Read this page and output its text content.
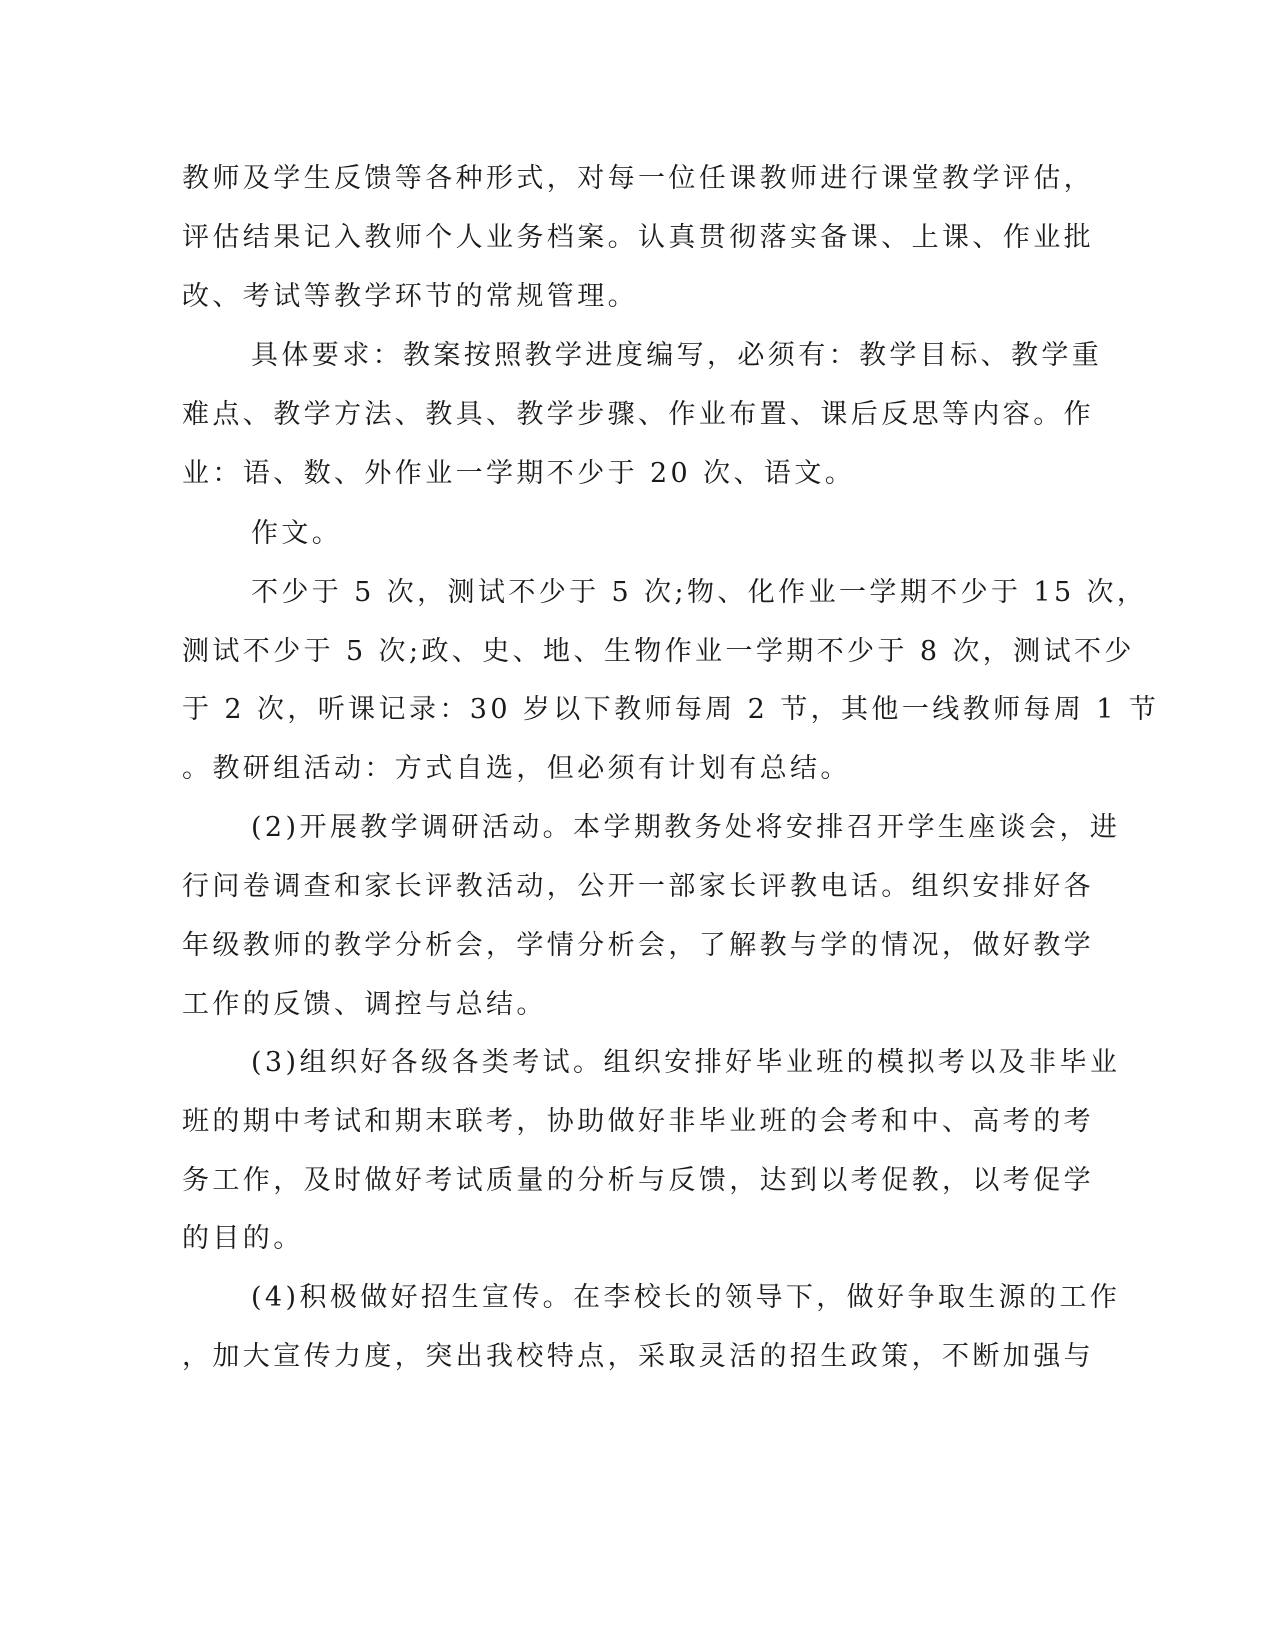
教师及学生反馈等各种形式，对每一位任课教师进行课堂教学评估，
评估结果记入教师个人业务档案。认真贯彻落实备课、上课、作业批
改、考试等教学环节的常规管理。
具体要求：教案按照教学进度编写，必须有：教学目标、教学重
难点、教学方法、教具、教学步骤、作业布置、课后反思等内容。作
业：语、数、外作业一学期不少于 20 次、语文。
作文。
不少于 5 次，测试不少于 5 次;物、化作业一学期不少于 15 次，
测试不少于 5 次;政、史、地、生物作业一学期不少于 8 次，测试不少
于 2 次，听课记录：30 岁以下教师每周 2 节，其他一线教师每周 1 节
。教研组活动：方式自选，但必须有计划有总结。
(2)开展教学调研活动。本学期教务处将安排召开学生座谈会，进
行问卷调查和家长评教活动，公开一部家长评教电话。组织安排好各
年级教师的教学分析会，学情分析会，了解教与学的情况，做好教学
工作的反馈、调控与总结。
(3)组织好各级各类考试。组织安排好毕业班的模拟考以及非毕业
班的期中考试和期末联考，协助做好非毕业班的会考和中、高考的考
务工作，及时做好考试质量的分析与反馈，达到以考促教，以考促学
的目的。
(4)积极做好招生宣传。在李校长的领导下，做好争取生源的工作
，加大宣传力度，突出我校特点，采取灵活的招生政策，不断加强与
